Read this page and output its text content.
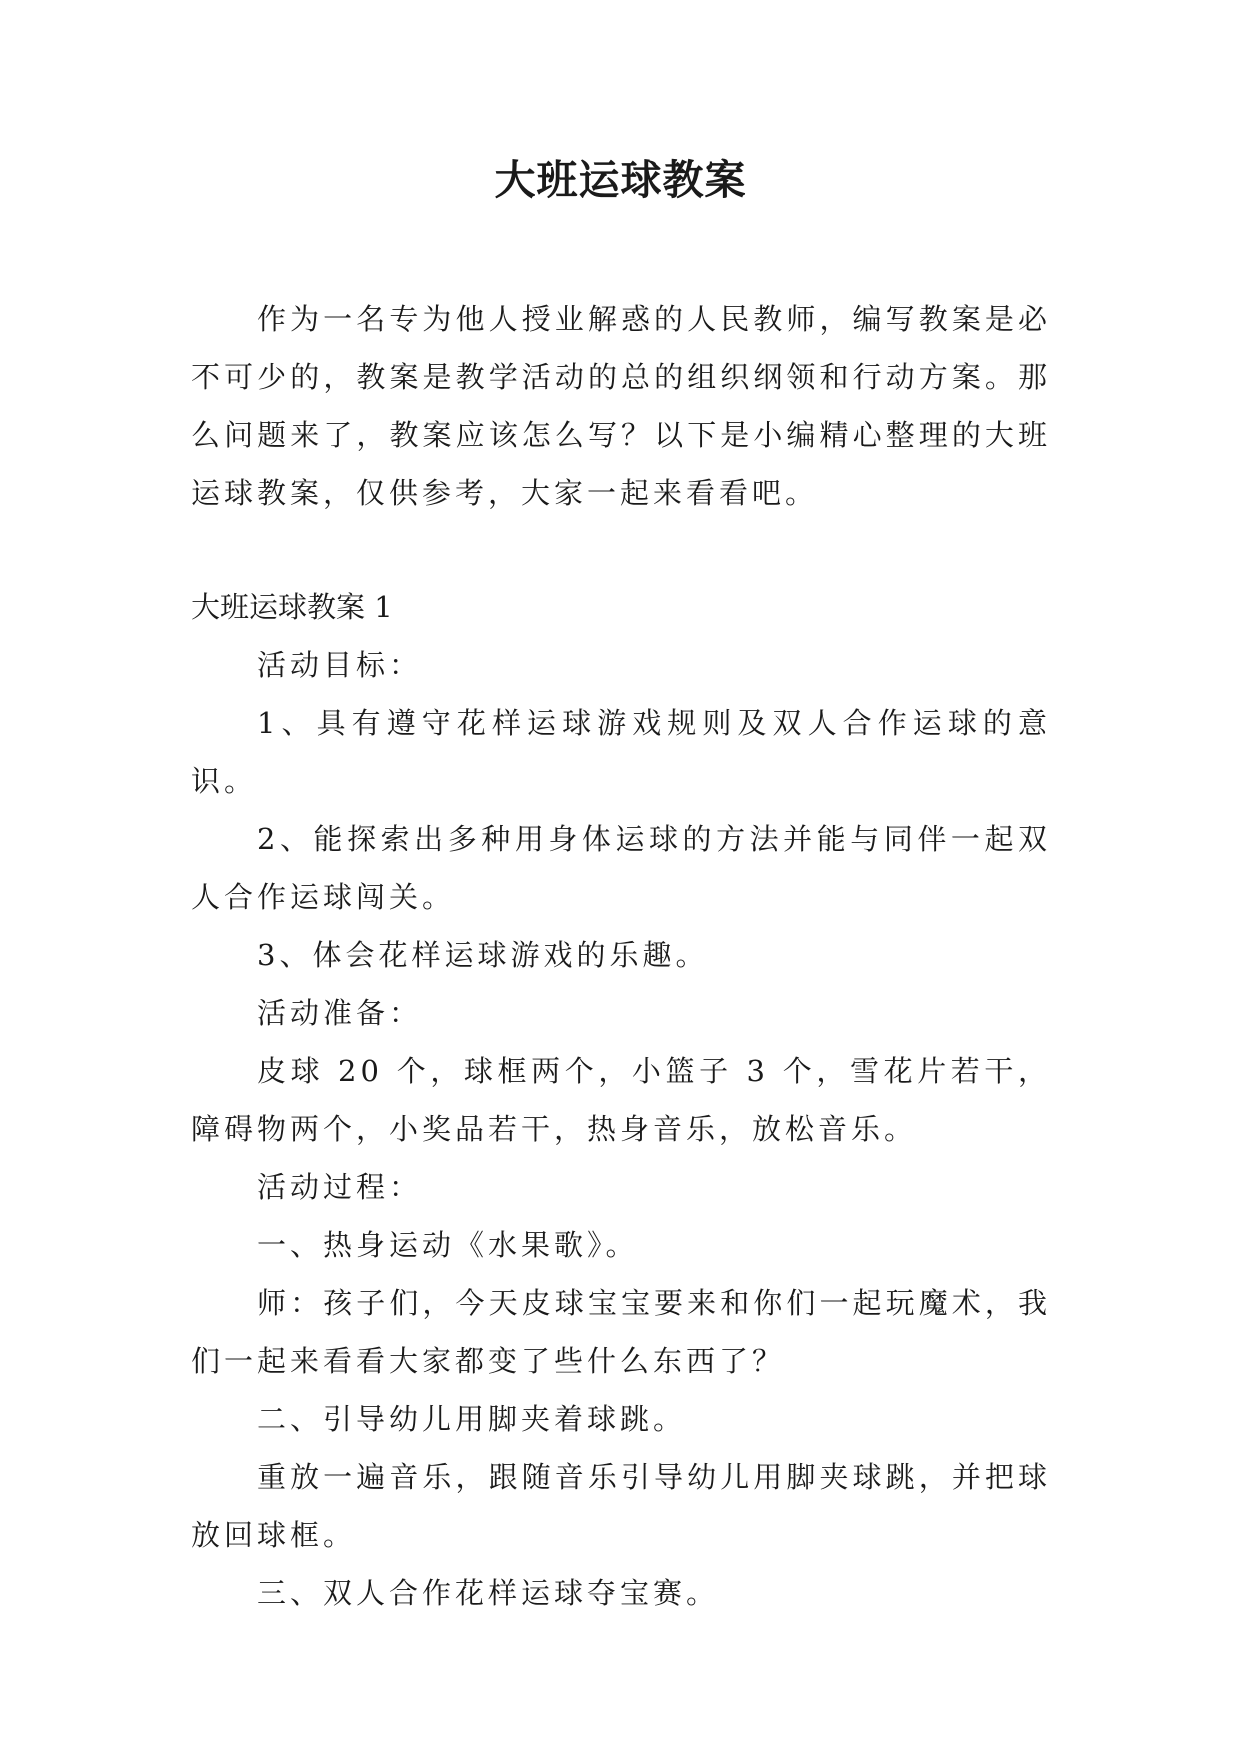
大班运球教案

作为一名专为他人授业解惑的人民教师，编写教案是必不可少的，教案是教学活动的总的组织纲领和行动方案。那么问题来了，教案应该怎么写？以下是小编精心整理的大班运球教案，仅供参考，大家一起来看看吧。

大班运球教案 1

活动目标：

1、具有遵守花样运球游戏规则及双人合作运球的意识。

2、能探索出多种用身体运球的方法并能与同伴一起双人合作运球闯关。

3、体会花样运球游戏的乐趣。

活动准备：

皮球 20 个，球框两个，小篮子 3 个，雪花片若干，障碍物两个，小奖品若干，热身音乐，放松音乐。

活动过程：

一、热身运动《水果歌》。

师：孩子们，今天皮球宝宝要来和你们一起玩魔术，我们一起来看看大家都变了些什么东西了？

二、引导幼儿用脚夹着球跳。

重放一遍音乐，跟随音乐引导幼儿用脚夹球跳，并把球放回球框。

三、双人合作花样运球夺宝赛。
